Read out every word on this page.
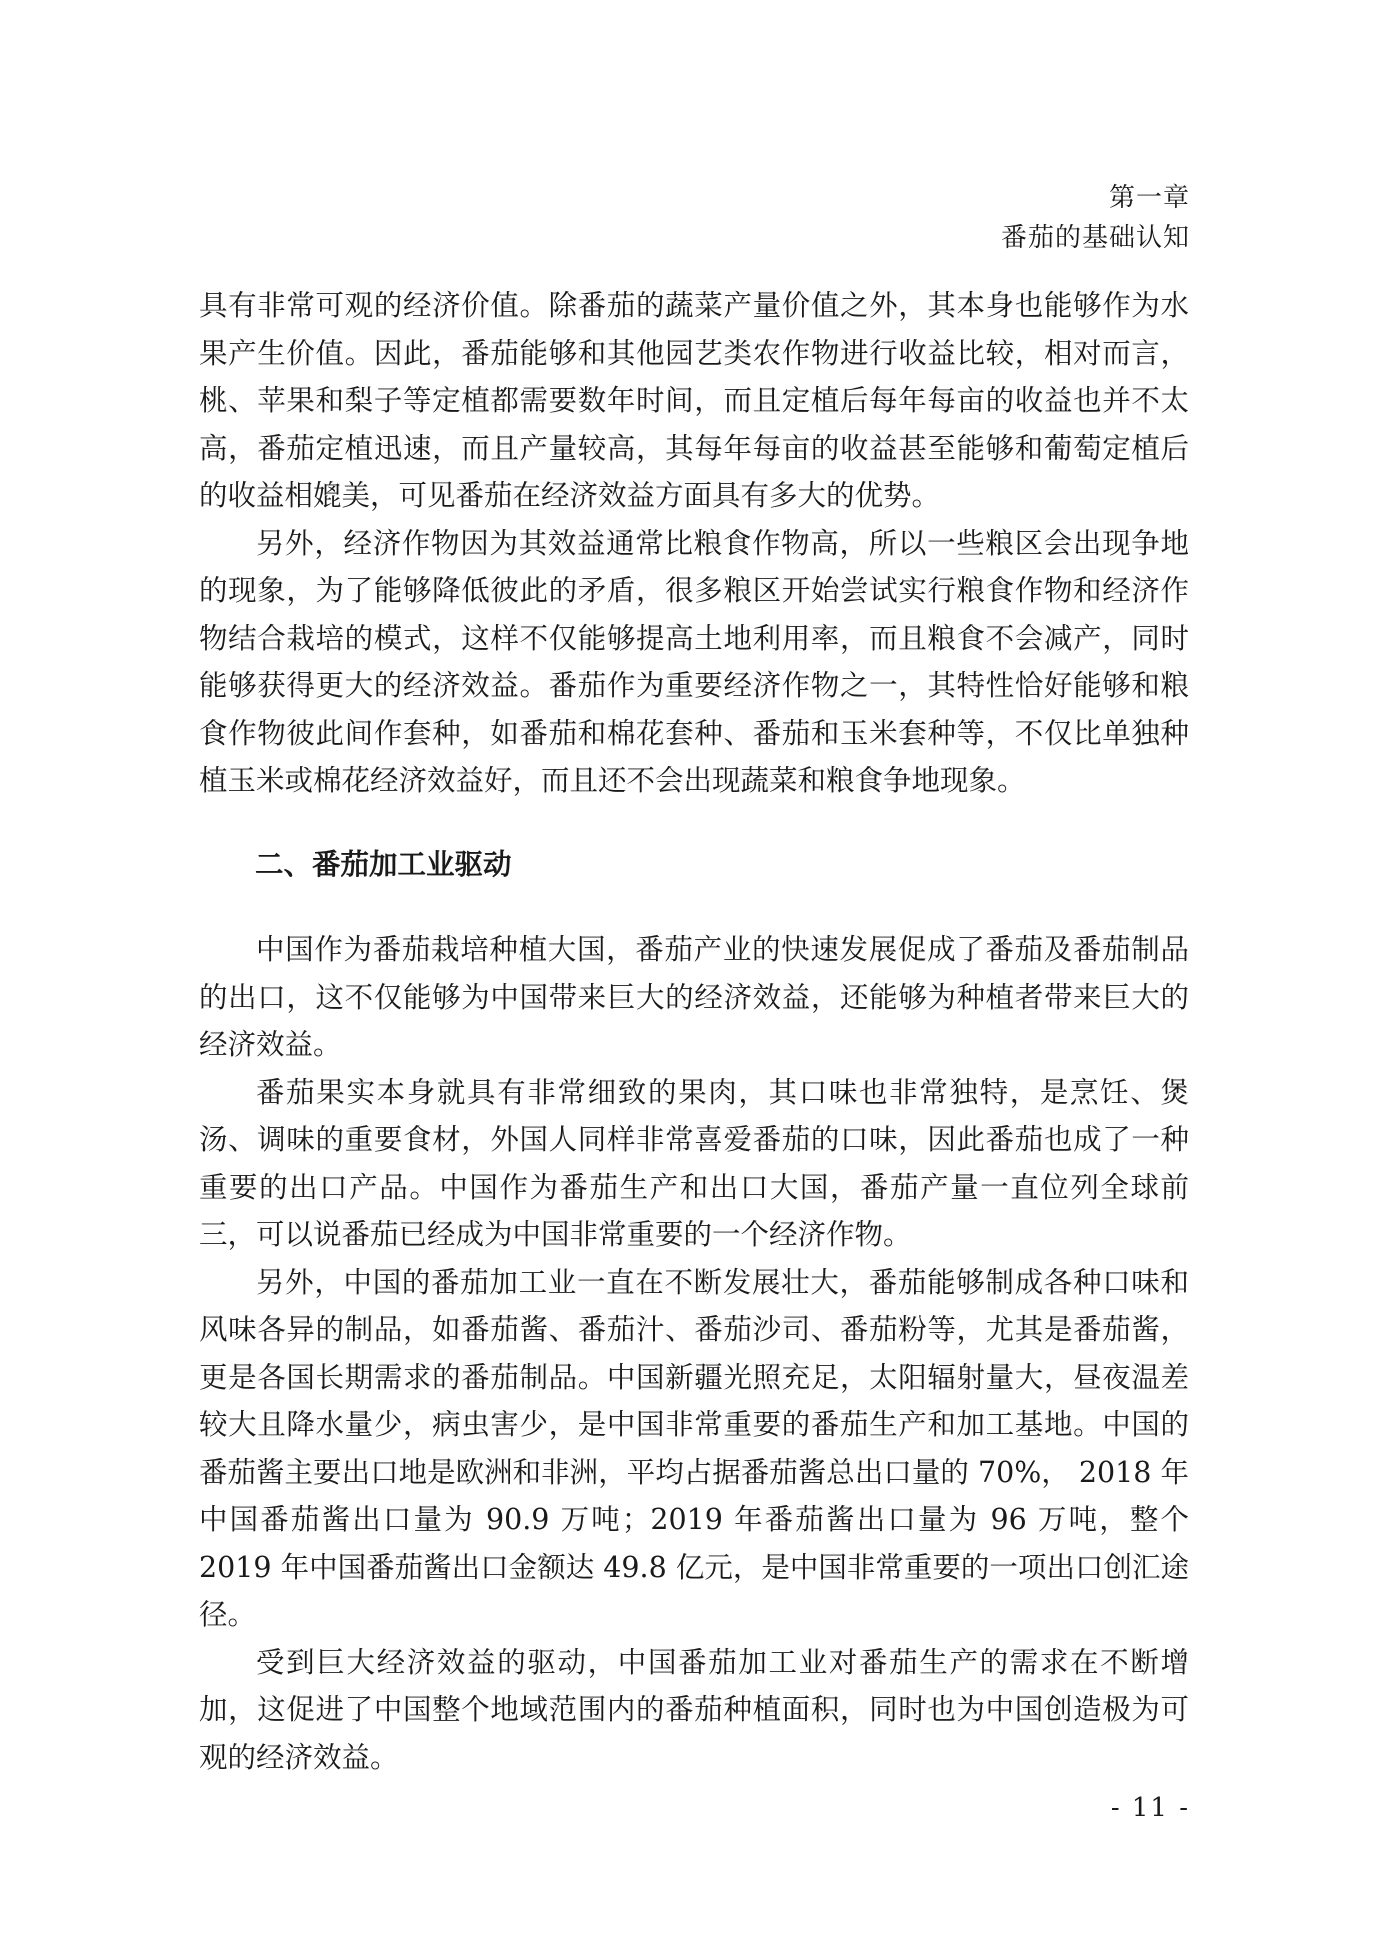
第一章
番茄的基础认知

具有非常可观的经济价值。除番茄的蔬菜产量价值之外，其本身也能够作为水果产生价值。因此，番茄能够和其他园艺类农作物进行收益比较，相对而言，桃、苹果和梨子等定植都需要数年时间，而且定植后每年每亩的收益也并不太高，番茄定植迅速，而且产量较高，其每年每亩的收益甚至能够和葡萄定植后的收益相媲美，可见番茄在经济效益方面具有多大的优势。

另外，经济作物因为其效益通常比粮食作物高，所以一些粮区会出现争地的现象，为了能够降低彼此的矛盾，很多粮区开始尝试实行粮食作物和经济作物结合栽培的模式，这样不仅能够提高土地利用率，而且粮食不会减产，同时能够获得更大的经济效益。番茄作为重要经济作物之一，其特性恰好能够和粮食作物彼此间作套种，如番茄和棉花套种、番茄和玉米套种等，不仅比单独种植玉米或棉花经济效益好，而且还不会出现蔬菜和粮食争地现象。

二、番茄加工业驱动

中国作为番茄栽培种植大国，番茄产业的快速发展促成了番茄及番茄制品的出口，这不仅能够为中国带来巨大的经济效益，还能够为种植者带来巨大的经济效益。

番茄果实本身就具有非常细致的果肉，其口味也非常独特，是烹饪、煲汤、调味的重要食材，外国人同样非常喜爱番茄的口味，因此番茄也成了一种重要的出口产品。中国作为番茄生产和出口大国，番茄产量一直位列全球前三，可以说番茄已经成为中国非常重要的一个经济作物。

另外，中国的番茄加工业一直在不断发展壮大，番茄能够制成各种口味和风味各异的制品，如番茄酱、番茄汁、番茄沙司、番茄粉等，尤其是番茄酱，更是各国长期需求的番茄制品。中国新疆光照充足，太阳辐射量大，昼夜温差较大且降水量少，病虫害少，是中国非常重要的番茄生产和加工基地。中国的番茄酱主要出口地是欧洲和非洲，平均占据番茄酱总出口量的 70%， 2018 年中国番茄酱出口量为 90.9 万吨；2019 年番茄酱出口量为 96 万吨，整个 2019 年中国番茄酱出口金额达 49.8 亿元，是中国非常重要的一项出口创汇途径。

受到巨大经济效益的驱动，中国番茄加工业对番茄生产的需求在不断增加，这促进了中国整个地域范围内的番茄种植面积，同时也为中国创造极为可观的经济效益。

- 11 -
